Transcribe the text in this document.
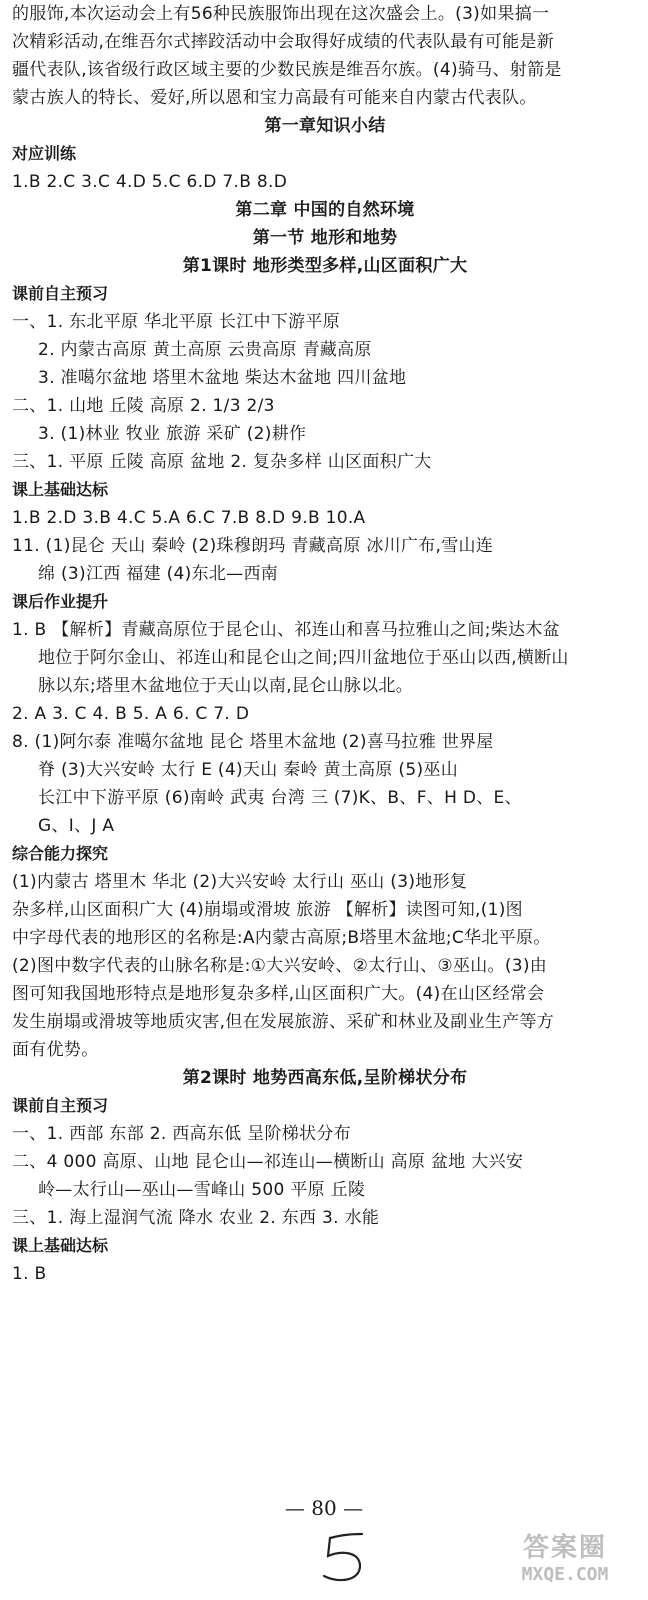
的服饰,本次运动会上有56种民族服饰出现在这次盛会上。(3)如果搞一
次精彩活动,在维吾尔式摔跤活动中会取得好成绩的代表队最有可能是新
疆代表队,该省级行政区域主要的少数民族是维吾尔族。(4)骑马、射箭是
蒙古族人的特长、爱好,所以恩和宝力高最有可能来自内蒙古代表队。
第一章知识小结
对应训练
1.B 2.C 3.C 4.D 5.C 6.D 7.B 8.D
第二章 中国的自然环境
第一节 地形和地势
第1课时 地形类型多样,山区面积广大
课前自主预习
一、1. 东北平原 华北平原 长江中下游平原
2. 内蒙古高原 黄土高原 云贵高原 青藏高原
3. 准噶尔盆地 塔里木盆地 柴达木盆地 四川盆地
二、1. 山地 丘陵 高原 2. 1/3 2/3
3. (1)林业 牧业 旅游 采矿 (2)耕作
三、1. 平原 丘陵 高原 盆地 2. 复杂多样 山区面积广大
课上基础达标
1.B 2.D 3.B 4.C 5.A 6.C 7.B 8.D 9.B 10.A
11. (1)昆仑 天山 秦岭 (2)珠穆朗玛 青藏高原 冰川广布,雪山连
绵 (3)江西 福建 (4)东北—西南
课后作业提升
1. B 【解析】青藏高原位于昆仑山、祁连山和喜马拉雅山之间;柴达木盆
地位于阿尔金山、祁连山和昆仑山之间;四川盆地位于巫山以西,横断山
脉以东;塔里木盆地位于天山以南,昆仑山脉以北。
2. A 3. C 4. B 5. A 6. C 7. D
8. (1)阿尔泰 准噶尔盆地 昆仑 塔里木盆地 (2)喜马拉雅 世界屋
脊 (3)大兴安岭 太行 E (4)天山 秦岭 黄土高原 (5)巫山
长江中下游平原 (6)南岭 武夷 台湾 三 (7)K、B、F、H D、E、
G、I、J A
综合能力探究
(1)内蒙古 塔里木 华北 (2)大兴安岭 太行山 巫山 (3)地形复
杂多样,山区面积广大 (4)崩塌或滑坡 旅游 【解析】读图可知,(1)图
中字母代表的地形区的名称是:A内蒙古高原;B塔里木盆地;C华北平原。
(2)图中数字代表的山脉名称是:①大兴安岭、②太行山、③巫山。(3)由
图可知我国地形特点是地形复杂多样,山区面积广大。(4)在山区经常会
发生崩塌或滑坡等地质灾害,但在发展旅游、采矿和林业及副业生产等方
面有优势。
第2课时 地势西高东低,呈阶梯状分布
课前自主预习
一、1. 西部 东部 2. 西高东低 呈阶梯状分布
二、4 000 高原、山地 昆仑山—祁连山—横断山 高原 盆地 大兴安
岭—太行山—巫山—雪峰山 500 平原 丘陵
三、1. 海上湿润气流 降水 农业 2. 东西 3. 水能
课上基础达标
1. B
— 80 —
答案圈
MXQE.COM
